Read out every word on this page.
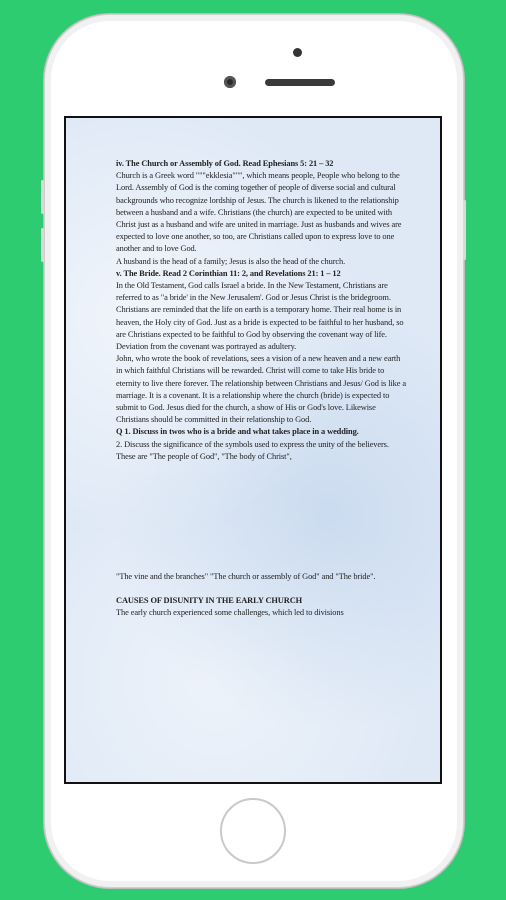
iv. The Church or Assembly of God. Read Ephesians 5: 21 – 32

Church is a Greek word """ekklesia""", which means people, People who belong to the Lord. Assembly of God is the coming together of people of diverse social and cultural backgrounds who recognize lordship of Jesus. The church is likened to the relationship between a husband and a wife. Christians (the church) are expected to be united with Christ just as a husband and wife are united in marriage. Just as husbands and wives are expected to love one another, so too, are Christians called upon to express love to one another and to love God.

A husband is the head of a family; Jesus is also the head of the church.

v. The Bride. Read 2 Corinthian 11: 2, and Revelations 21: 1 – 12

In the Old Testament, God calls Israel a bride. In the New Testament, Christians are referred to as "a bride' in the New Jerusalem'. God or Jesus Christ is the bridegroom. Christians are reminded that the life on earth is a temporary home. Their real home is in heaven, the Holy city of God. Just as a bride is expected to be faithful to her husband, so are Christians expected to be faithful to God by observing the covenant way of life. Deviation from the covenant was portrayed as adultery.

John, who wrote the book of revelations, sees a vision of a new heaven and a new earth in which faithful Christians will be rewarded. Christ will come to take His bride to eternity to live there forever. The relationship between Christians and Jesus/ God is like a marriage. It is a covenant. It is a relationship where the church (bride) is expected to submit to God. Jesus died for the church, a show of His or God's love. Likewise Christians should be committed in their relationship to God.

Q 1. Discuss in twos who is a bride and what takes place in a wedding.

2. Discuss the significance of the symbols used to express the unity of the believers. These are "The people of God", "The body of Christ",

"The vine and the branches" "The church or assembly of God" and "The bride".

CAUSES OF DISUNITY IN THE EARLY CHURCH

The early church experienced some challenges, which led to divisions
